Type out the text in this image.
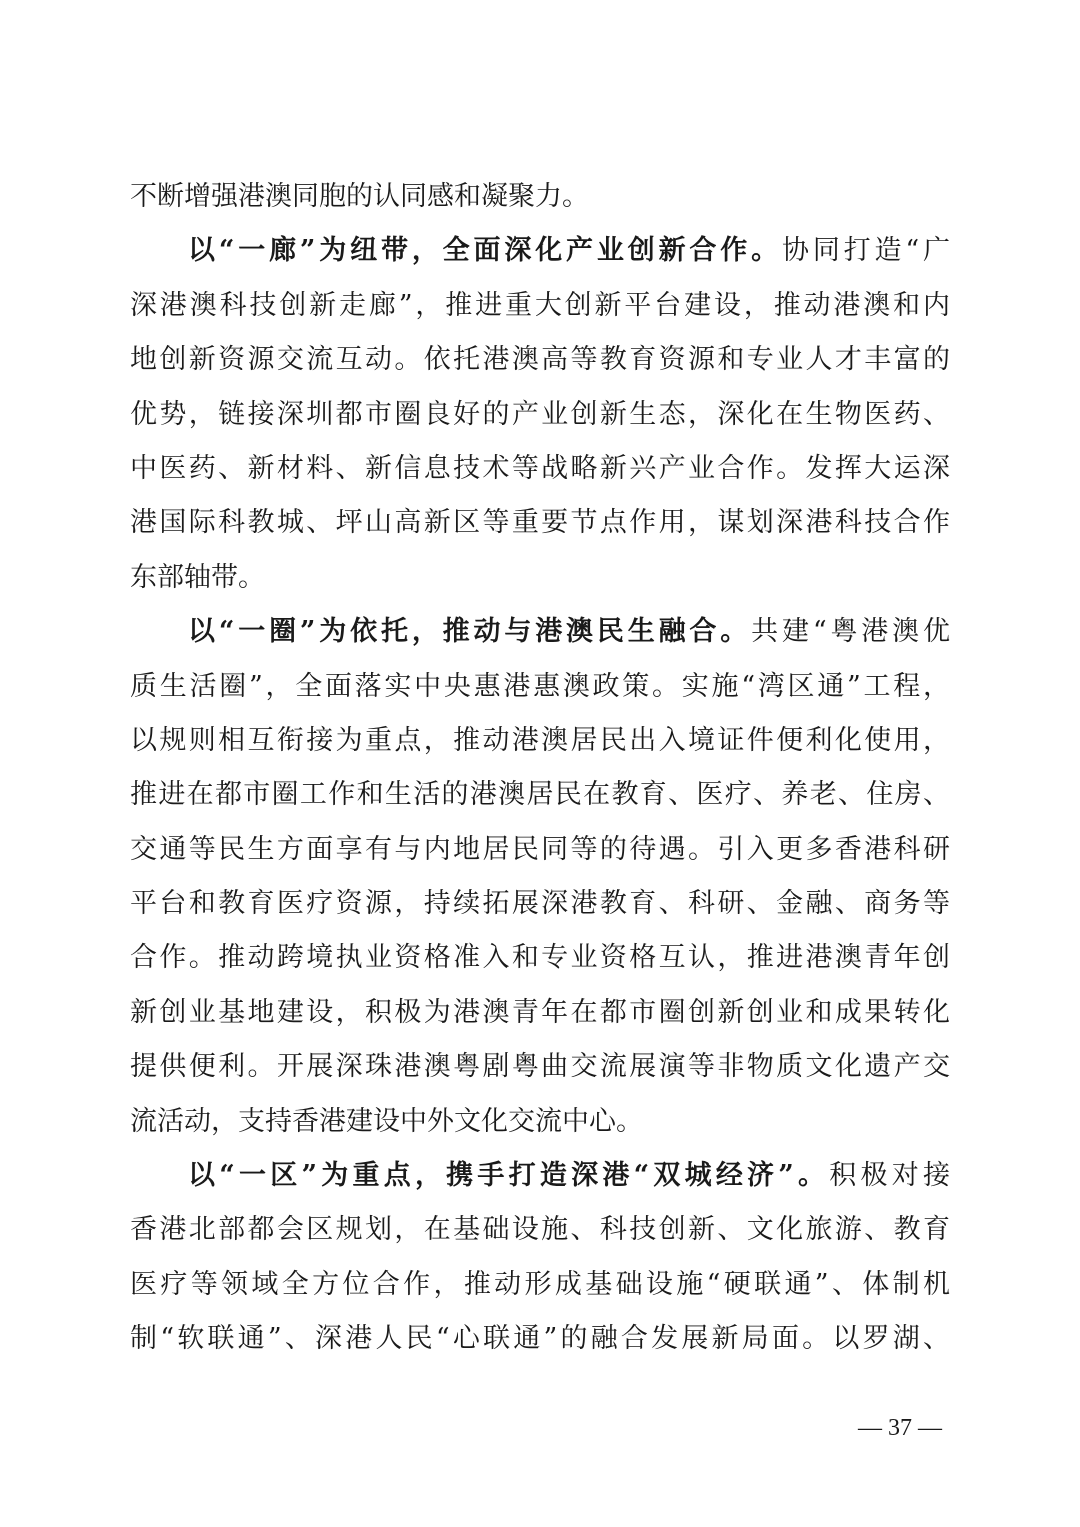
不断增强港澳同胞的认同感和凝聚力。
以“一廊”为纽带，全面深化产业创新合作。协同打造“广
深港澳科技创新走廊”，推进重大创新平台建设，推动港澳和内
地创新资源交流互动。依托港澳高等教育资源和专业人才丰富的
优势，链接深圳都市圈良好的产业创新生态，深化在生物医药、
中医药、新材料、新信息技术等战略新兴产业合作。发挥大运深
港国际科教城、坪山高新区等重要节点作用，谋划深港科技合作
东部轴带。
以“一圈”为依托，推动与港澳民生融合。共建“粤港澳优
质生活圈”，全面落实中央惠港惠澳政策。实施“湾区通”工程，
以规则相互衔接为重点，推动港澳居民出入境证件便利化使用，
推进在都市圈工作和生活的港澳居民在教育、医疗、养老、住房、
交通等民生方面享有与内地居民同等的待遇。引入更多香港科研
平台和教育医疗资源，持续拓展深港教育、科研、金融、商务等
合作。推动跨境执业资格准入和专业资格互认，推进港澳青年创
新创业基地建设，积极为港澳青年在都市圈创新创业和成果转化
提供便利。开展深珠港澳粤剧粤曲交流展演等非物质文化遗产交
流活动，支持香港建设中外文化交流中心。
以“一区”为重点，携手打造深港“双城经济”。积极对接
香港北部都会区规划，在基础设施、科技创新、文化旅游、教育
医疗等领域全方位合作，推动形成基础设施“硬联通”、体制机
制“软联通”、深港人民“心联通”的融合发展新局面。以罗湖、
— 37 —
